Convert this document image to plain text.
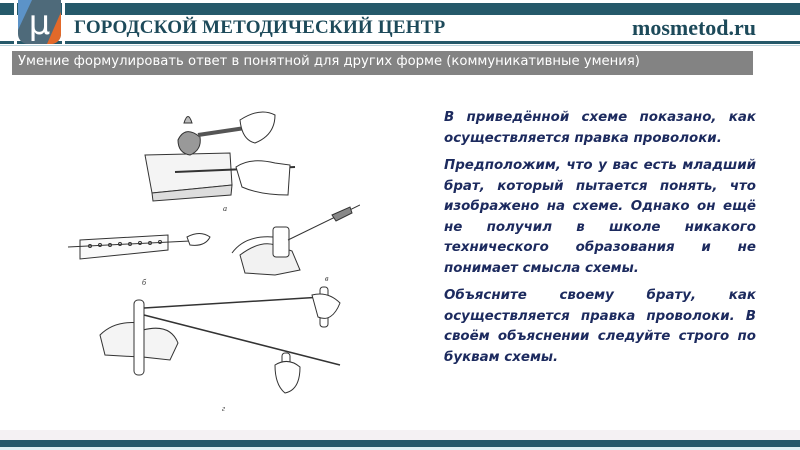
μ	ГОРОДСКОЙ МЕТОДИЧЕСКИЙ ЦЕНТР	mosmetod.ru
Умение формулировать ответ в понятной для других форме (коммуникативные умения)
а
б	в
г

В приведённой схеме показано, как осуществляется правка проволоки.

Предположим, что у вас есть младший брат, который пытается понять, что изображено на схеме. Однако он ещё не получил в школе никакого технического образования и не понимает смысла схемы.

Объясните своему брату, как осуществляется правка проволоки. В своём объяснении следуйте строго по буквам схемы.
